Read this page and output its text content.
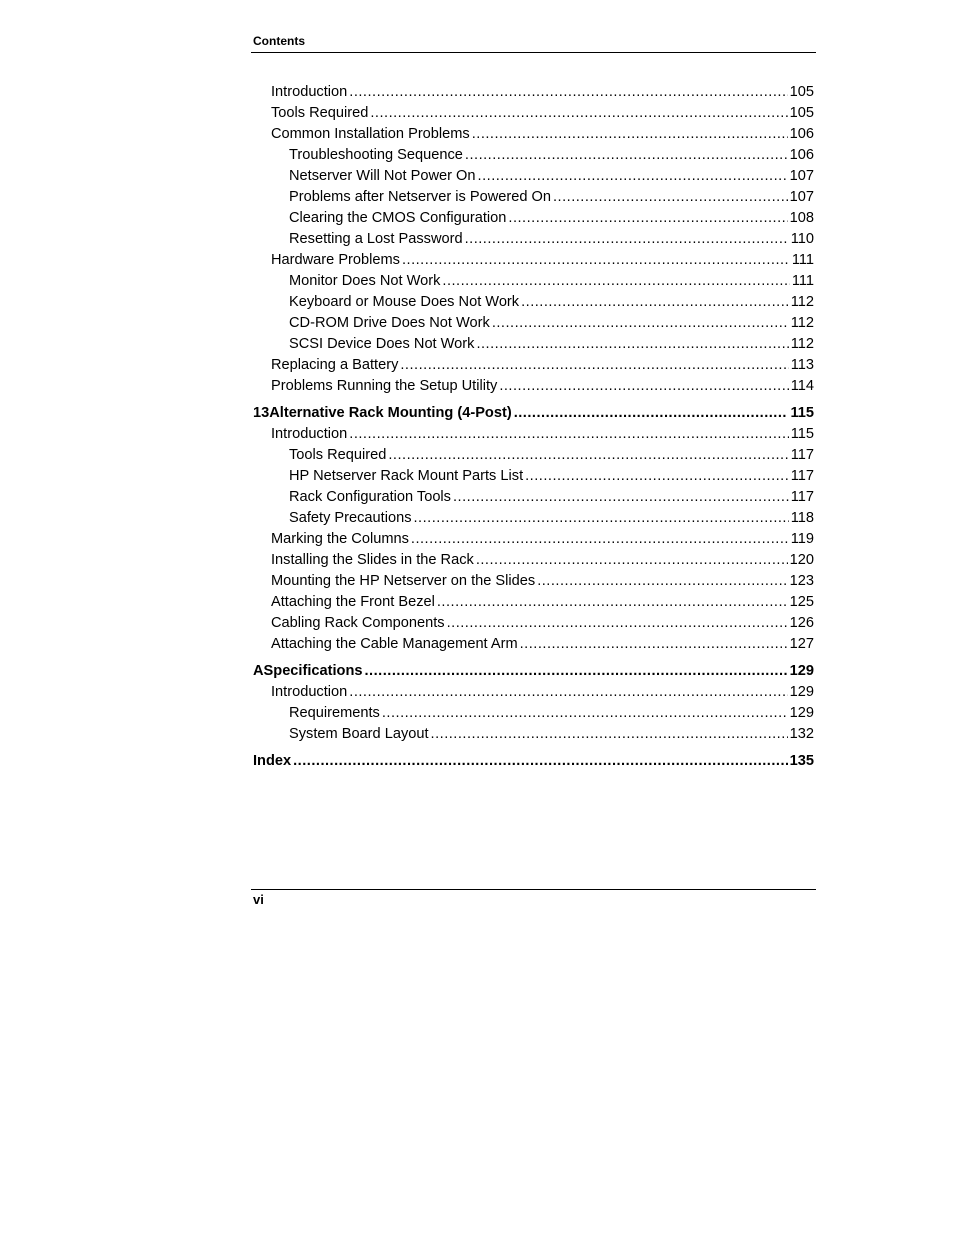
Contents
Introduction .....	105
Tools Required .....	105
Common Installation Problems .....	106
Troubleshooting Sequence .....	106
Netserver Will Not Power On .....	107
Problems after Netserver is Powered On .....	107
Clearing the CMOS Configuration .....	108
Resetting a Lost Password .....	110
Hardware Problems .....	111
Monitor Does Not Work .....	111
Keyboard or Mouse Does Not Work .....	112
CD-ROM Drive Does Not Work .....	112
SCSI Device Does Not Work .....	112
Replacing a Battery .....	113
Problems Running the Setup Utility .....	114
13 Alternative Rack Mounting (4-Post) .....	115
Introduction .....	115
Tools Required .....	117
HP Netserver Rack Mount Parts List .....	117
Rack Configuration Tools .....	117
Safety Precautions .....	118
Marking the Columns .....	119
Installing the Slides in the Rack .....	120
Mounting the HP Netserver on the Slides .....	123
Attaching the Front Bezel .....	125
Cabling Rack Components .....	126
Attaching the Cable Management Arm .....	127
A Specifications .....	129
Introduction .....	129
Requirements .....	129
System Board Layout .....	132
Index .....	135
vi
